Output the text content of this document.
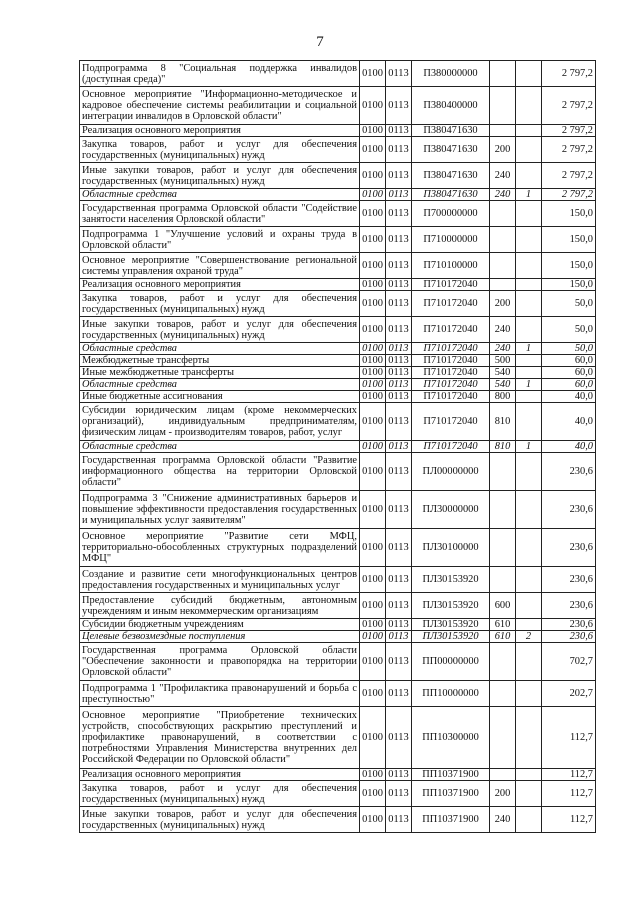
7
Подпрограмма 8 "Социальная поддержка инвалидов (доступная среда)"	0100	0113	П380000000			2 797,2
Основное мероприятие "Информационно-методическое и кадровое обеспечение системы реабилитации и социальной интеграции инвалидов в Орловской области"	0100	0113	П380400000			2 797,2
Реализация основного мероприятия	0100	0113	П380471630			2 797,2
Закупка товаров, работ и услуг для обеспечения государственных (муниципальных) нужд	0100	0113	П380471630	200		2 797,2
Иные закупки товаров, работ и услуг для обеспечения государственных (муниципальных) нужд	0100	0113	П380471630	240		2 797,2
Областные средства	0100	0113	П380471630	240	1	2 797,2
Государственная программа Орловской области "Содействие занятости населения Орловской области"	0100	0113	П700000000			150,0
Подпрограмма 1 "Улучшение условий и охраны труда в Орловской области"	0100	0113	П710000000			150,0
Основное мероприятие "Совершенствование региональной системы управления охраной труда"	0100	0113	П710100000			150,0
Реализация основного мероприятия	0100	0113	П710172040			150,0
Закупка товаров, работ и услуг для обеспечения государственных (муниципальных) нужд	0100	0113	П710172040	200		50,0
Иные закупки товаров, работ и услуг для обеспечения государственных (муниципальных) нужд	0100	0113	П710172040	240		50,0
Областные средства	0100	0113	П710172040	240	1	50,0
Межбюджетные трансферты	0100	0113	П710172040	500		60,0
Иные межбюджетные трансферты	0100	0113	П710172040	540		60,0
Областные средства	0100	0113	П710172040	540	1	60,0
Иные бюджетные ассигнования	0100	0113	П710172040	800		40,0
Субсидии юридическим лицам (кроме некоммерческих организаций), индивидуальным предпринимателям, физическим лицам - производителям товаров, работ, услуг	0100	0113	П710172040	810		40,0
Областные средства	0100	0113	П710172040	810	1	40,0
Государственная программа Орловской области "Развитие информационного общества на территории Орловской области"	0100	0113	ПЛ00000000			230,6
Подпрограмма 3 "Снижение административных барьеров и повышение эффективности предоставления государственных и муниципальных услуг заявителям"	0100	0113	ПЛ30000000			230,6
Основное мероприятие "Развитие сети МФЦ, территориально-обособленных структурных подразделений МФЦ"	0100	0113	ПЛ30100000			230,6
Создание и развитие сети многофункциональных центров предоставления государственных и муниципальных услуг	0100	0113	ПЛ30153920			230,6
Предоставление субсидий бюджетным, автономным учреждениям и иным некоммерческим организациям	0100	0113	ПЛ30153920	600		230,6
Субсидии бюджетным учреждениям	0100	0113	ПЛ30153920	610		230,6
Целевые безвозмездные поступления	0100	0113	ПЛ30153920	610	2	230,6
Государственная программа Орловской области "Обеспечение законности и правопорядка на территории Орловской области"	0100	0113	ПП00000000			702,7
Подпрограмма 1 "Профилактика правонарушений и борьба с преступностью"	0100	0113	ПП10000000			202,7
Основное мероприятие "Приобретение технических устройств, способствующих раскрытию преступлений и профилактике правонарушений, в соответствии с потребностями Управления Министерства внутренних дел Российской Федерации по Орловской области"	0100	0113	ПП10300000			112,7
Реализация основного мероприятия	0100	0113	ПП10371900			112,7
Закупка товаров, работ и услуг для обеспечения государственных (муниципальных) нужд	0100	0113	ПП10371900	200		112,7
Иные закупки товаров, работ и услуг для обеспечения государственных (муниципальных) нужд	0100	0113	ПП10371900	240		112,7
